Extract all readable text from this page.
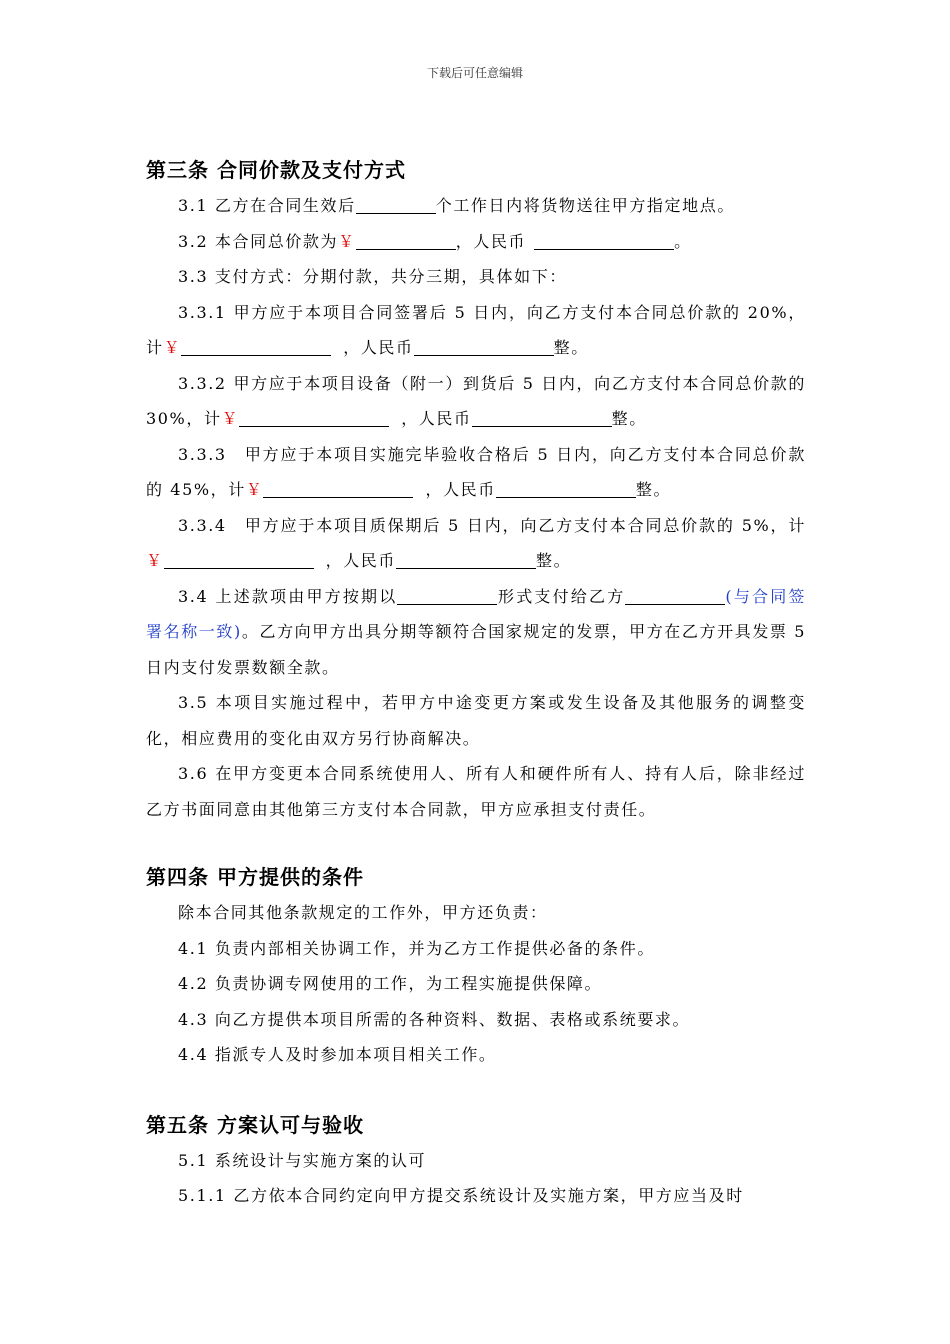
下载后可任意编辑
第三条 合同价款及支付方式

3.1 乙方在合同生效后	个工作日内将货物送往甲方指定地点。

3.2 本合同总价款为￥	，人民币	。

3.3 支付方式：分期付款，共分三期，具体如下：

3.3.1 甲方应于本项目合同签署后 5 日内，向乙方支付本合同总价款的 20%，计￥	，人民币	整。

3.3.2 甲方应于本项目设备（附一）到货后 5 日内，向乙方支付本合同总价款的 30%，计￥	，人民币	整。

3.3.3　甲方应于本项目实施完毕验收合格后 5 日内，向乙方支付本合同总价款的 45%，计￥	，人民币	整。

3.3.4　甲方应于本项目质保期后 5 日内，向乙方支付本合同总价款的 5%，计￥	，人民币	整。

3.4 上述款项由甲方按期以	形式支付给乙方	(与合同签署名称一致)。乙方向甲方出具分期等额符合国家规定的发票，甲方在乙方开具发票 5 日内支付发票数额全款。

3.5 本项目实施过程中，若甲方中途变更方案或发生设备及其他服务的调整变化，相应费用的变化由双方另行协商解决。

3.6 在甲方变更本合同系统使用人、所有人和硬件所有人、持有人后，除非经过乙方书面同意由其他第三方支付本合同款，甲方应承担支付责任。

第四条 甲方提供的条件

除本合同其他条款规定的工作外，甲方还负责：

4.1 负责内部相关协调工作，并为乙方工作提供必备的条件。

4.2 负责协调专网使用的工作，为工程实施提供保障。

4.3 向乙方提供本项目所需的各种资料、数据、表格或系统要求。

4.4 指派专人及时参加本项目相关工作。

第五条 方案认可与验收

5.1 系统设计与实施方案的认可

5.1.1 乙方依本合同约定向甲方提交系统设计及实施方案，甲方应当及时
